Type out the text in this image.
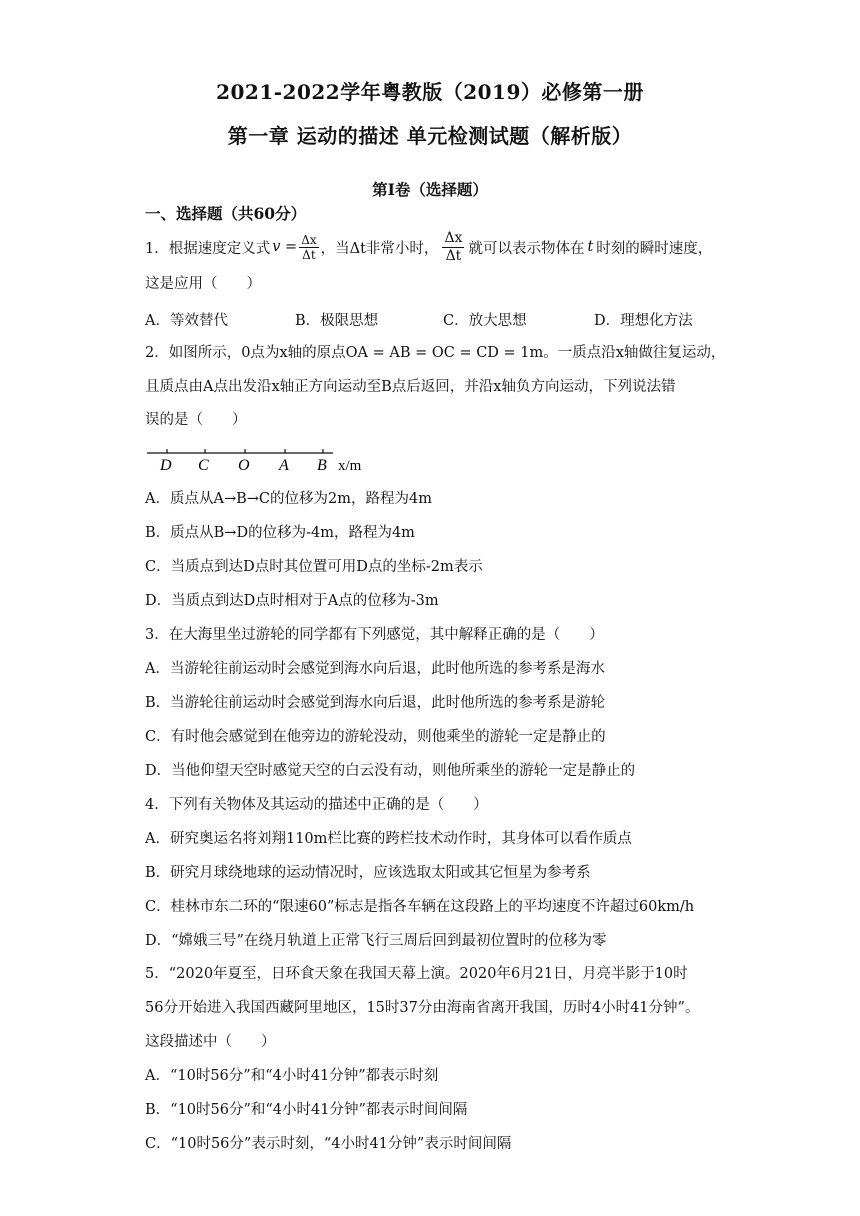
2021-2022学年粤教版（2019）必修第一册
第一章 运动的描述 单元检测试题（解析版）
第Ⅰ卷（选择题）
一、选择题（共60分）
1．根据速度定义式 $v = \frac{\Delta x}{\Delta t}$ ，当Δt非常小时， $\frac{\Delta x}{\Delta t}$ 就可以表示物体在 t 时刻的瞬时速度，
这是应用（　　）
A．等效替代	B．极限思想	C．放大思想	D．理想化方法
2．如图所示，0点为x轴的原点OA = AB = OC = CD = 1m。一质点沿x轴做往复运动，
且质点由A点出发沿x轴正方向运动至B点后返回，并沿x轴负方向运动，下列说法错
误的是（　　）
D C O A B x/m
A．质点从A→B→C的位移为2m，路程为4m
B．质点从B→D的位移为-4m，路程为4m
C．当质点到达D点时其位置可用D点的坐标-2m表示
D．当质点到达D点时相对于A点的位移为-3m
3．在大海里坐过游轮的同学都有下列感觉，其中解释正确的是（　　）
A．当游轮往前运动时会感觉到海水向后退，此时他所选的参考系是海水
B．当游轮往前运动时会感觉到海水向后退，此时他所选的参考系是游轮
C．有时他会感觉到在他旁边的游轮没动，则他乘坐的游轮一定是静止的
D．当他仰望天空时感觉天空的白云没有动，则他所乘坐的游轮一定是静止的
4．下列有关物体及其运动的描述中正确的是（　　）
A．研究奥运名将刘翔110m栏比赛的跨栏技术动作时，其身体可以看作质点
B．研究月球绕地球的运动情况时，应该选取太阳或其它恒星为参考系
C．桂林市东二环的“限速60”标志是指各车辆在这段路上的平均速度不许超过60km/h
D．“嫦娥三号”在绕月轨道上正常飞行三周后回到最初位置时的位移为零
5．“2020年夏至，日环食天象在我国天幕上演。2020年6月21日，月亮半影于10时
56分开始进入我国西藏阿里地区，15时37分由海南省离开我国，历时4小时41分钟”。
这段描述中（　　）
A．“10时56分”和“4小时41分钟”都表示时刻
B．“10时56分”和“4小时41分钟”都表示时间间隔
C．“10时56分”表示时刻，“4小时41分钟”表示时间间隔
